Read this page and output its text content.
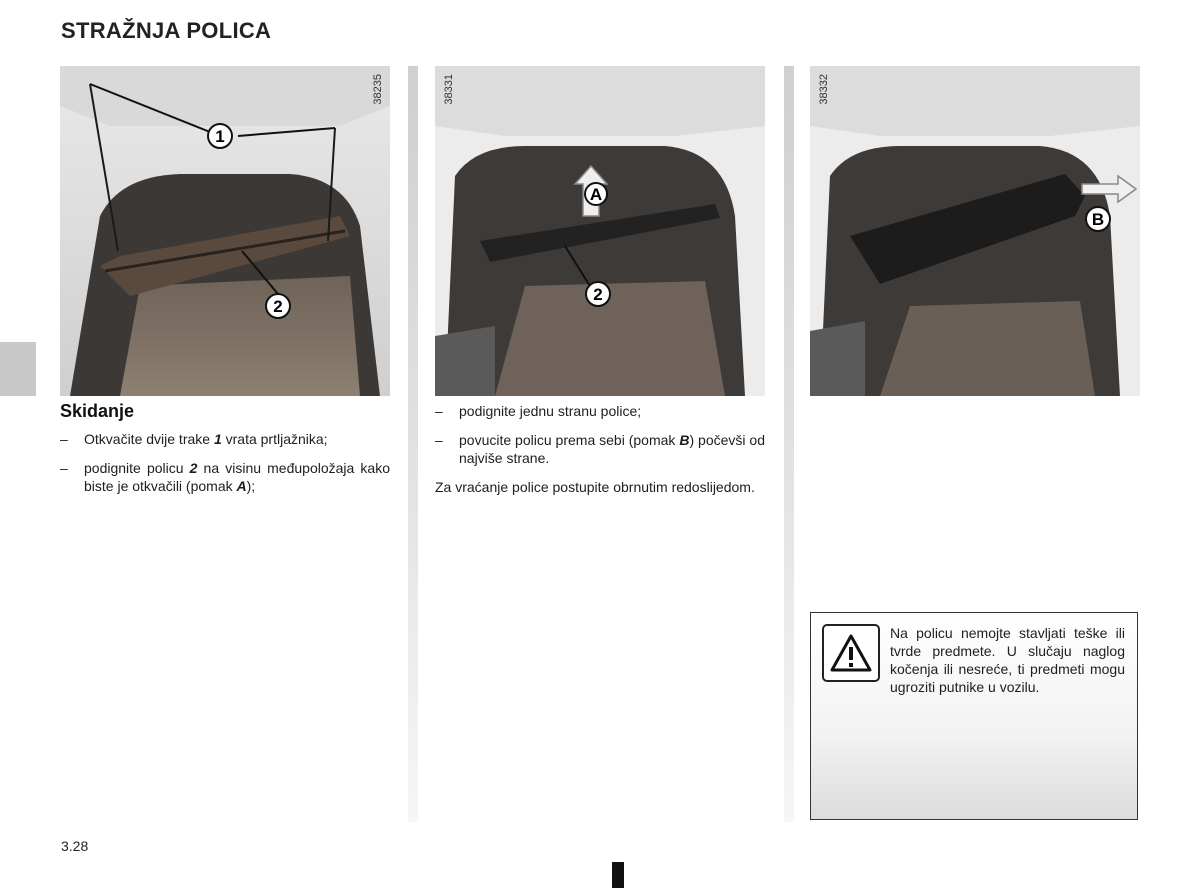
STRAŽNJA POLICA
38235
1
2
38331
A
2
38332
B
Skidanje
–	Otkvačite dvije trake 1 vrata prtljažnika;
–	podignite policu 2 na visinu međupoložaja kako biste je otkvačili (pomak A);
–	podignite jednu stranu police;
–	povucite policu prema sebi (pomak B) počevši od najviše strane.
Za vraćanje police postupite obrnutim redoslijedom.
Na policu nemojte stavljati teške ili tvrde predmete. U slučaju naglog kočenja ili nesreće, ti predmeti mogu ugroziti putnike u vozilu.
3.28
